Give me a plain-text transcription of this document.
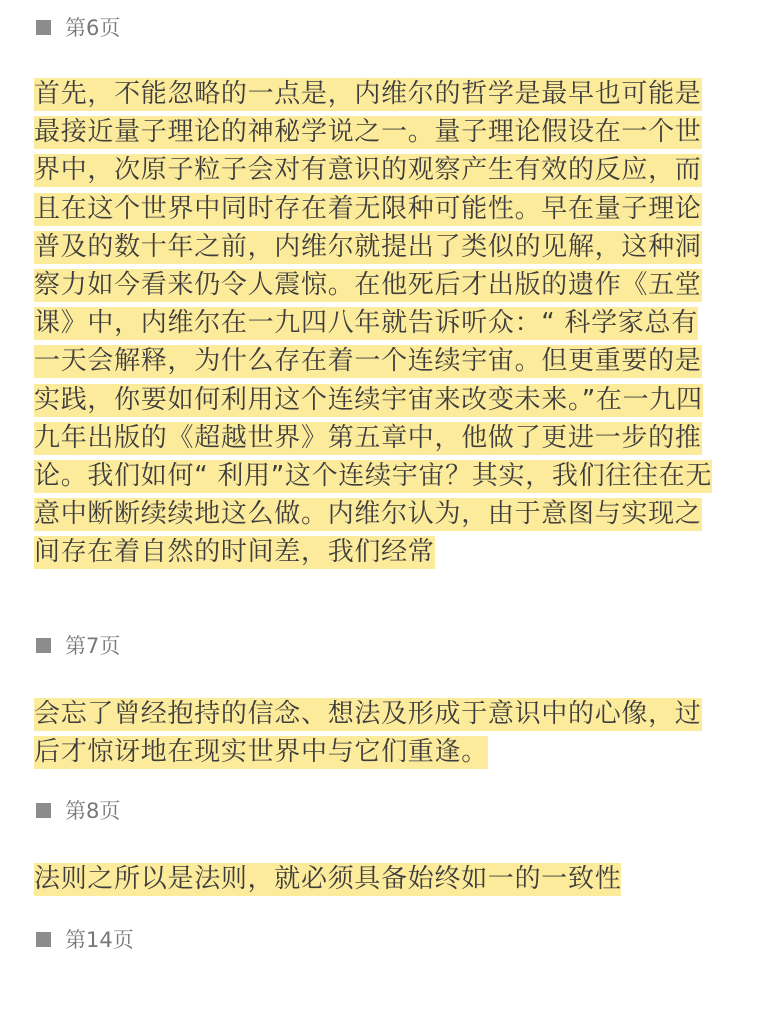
第6页

首先，不能忽略的一点是，内维尔的哲学是最早也可能是最接近量子理论的神秘学说之一。量子理论假设在一个世界中，次原子粒子会对有意识的观察产生有效的反应，而且在这个世界中同时存在着无限种可能性。早在量子理论普及的数十年之前，内维尔就提出了类似的见解，这种洞察力如今看来仍令人震惊。在他死后才出版的遗作《五堂课》中，内维尔在一九四八年就告诉听众：“ 科学家总有一天会解释，为什么存在着一个连续宇宙。但更重要的是实践，你要如何利用这个连续宇宙来改变未来。”在一九四九年出版的《超越世界》第五章中，他做了更进一步的推论。我们如何“ 利用”这个连续宇宙？其实，我们往往在无意中断断续续地这么做。内维尔认为，由于意图与实现之间存在着自然的时间差，我们经常

第7页

会忘了曾经抱持的信念、想法及形成于意识中的心像，过后才惊讶地在现实世界中与它们重逢。

第8页

法则之所以是法则，就必须具备始终如一的一致性

第14页
